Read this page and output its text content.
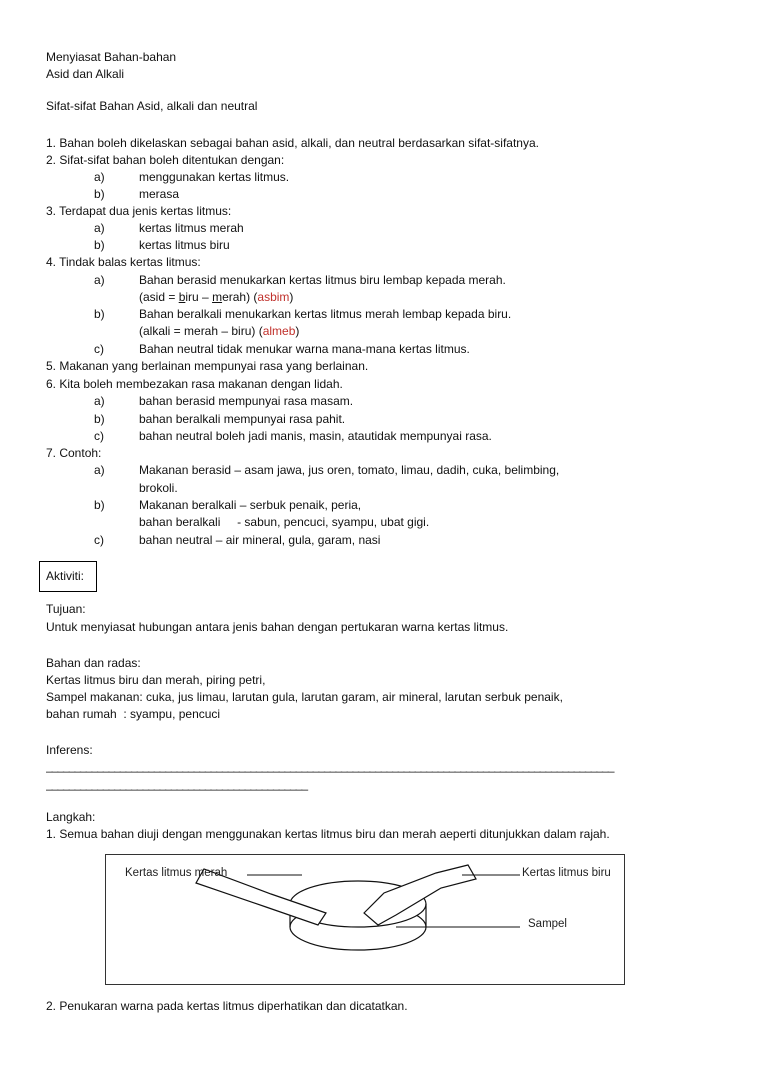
Menyiasat Bahan-bahan
Asid dan Alkali
Sifat-sifat Bahan Asid, alkali dan neutral
1. Bahan boleh dikelaskan sebagai bahan asid, alkali, dan neutral berdasarkan sifat-sifatnya.
2. Sifat-sifat bahan boleh ditentukan dengan:
a)	menggunakan kertas litmus.
b)	merasa
3. Terdapat dua jenis kertas litmus:
a)	kertas litmus merah
b)	kertas litmus biru
4. Tindak balas kertas litmus:
a)	Bahan berasid menukarkan kertas litmus biru lembap kepada merah.
(asid = biru – merah) (asbim)
b)	Bahan beralkali menukarkan kertas litmus merah lembap kepada biru.
(alkali = merah – biru) (almeb)
c)	Bahan neutral tidak menukar warna mana-mana kertas litmus.
5. Makanan yang berlainan mempunyai rasa yang berlainan.
6. Kita boleh membezakan rasa makanan dengan lidah.
a)	bahan berasid mempunyai rasa masam.
b)	bahan beralkali mempunyai rasa pahit.
c)	bahan neutral boleh jadi manis, masin, atautidak mempunyai rasa.
7. Contoh:
a)	Makanan berasid – asam jawa, jus oren, tomato, limau, dadih, cuka, belimbing,
brokoli.
b)	Makanan beralkali – serbuk penaik, peria,
bahan beralkali     - sabun, pencuci, syampu, ubat gigi.
c)	bahan neutral – air mineral, gula, garam, nasi
Aktiviti:
Tujuan:
Untuk menyiasat hubungan antara jenis bahan dengan pertukaran warna kertas litmus.
Bahan dan radas:
Kertas litmus biru dan merah, piring petri,
Sampel makanan: cuka, jus limau, larutan gula, larutan garam, air mineral, larutan serbuk penaik,
bahan rumah  : syampu, pencuci
Inferens:
____________________________________________________________________________________________________
______________________________________________
Langkah:
1. Semua bahan diuji dengan menggunakan kertas litmus biru dan merah aeperti ditunjukkan dalam rajah.
Kertas litmus merah	Kertas litmus biru
Sampel
2. Penukaran warna pada kertas litmus diperhatikan dan dicatatkan.
